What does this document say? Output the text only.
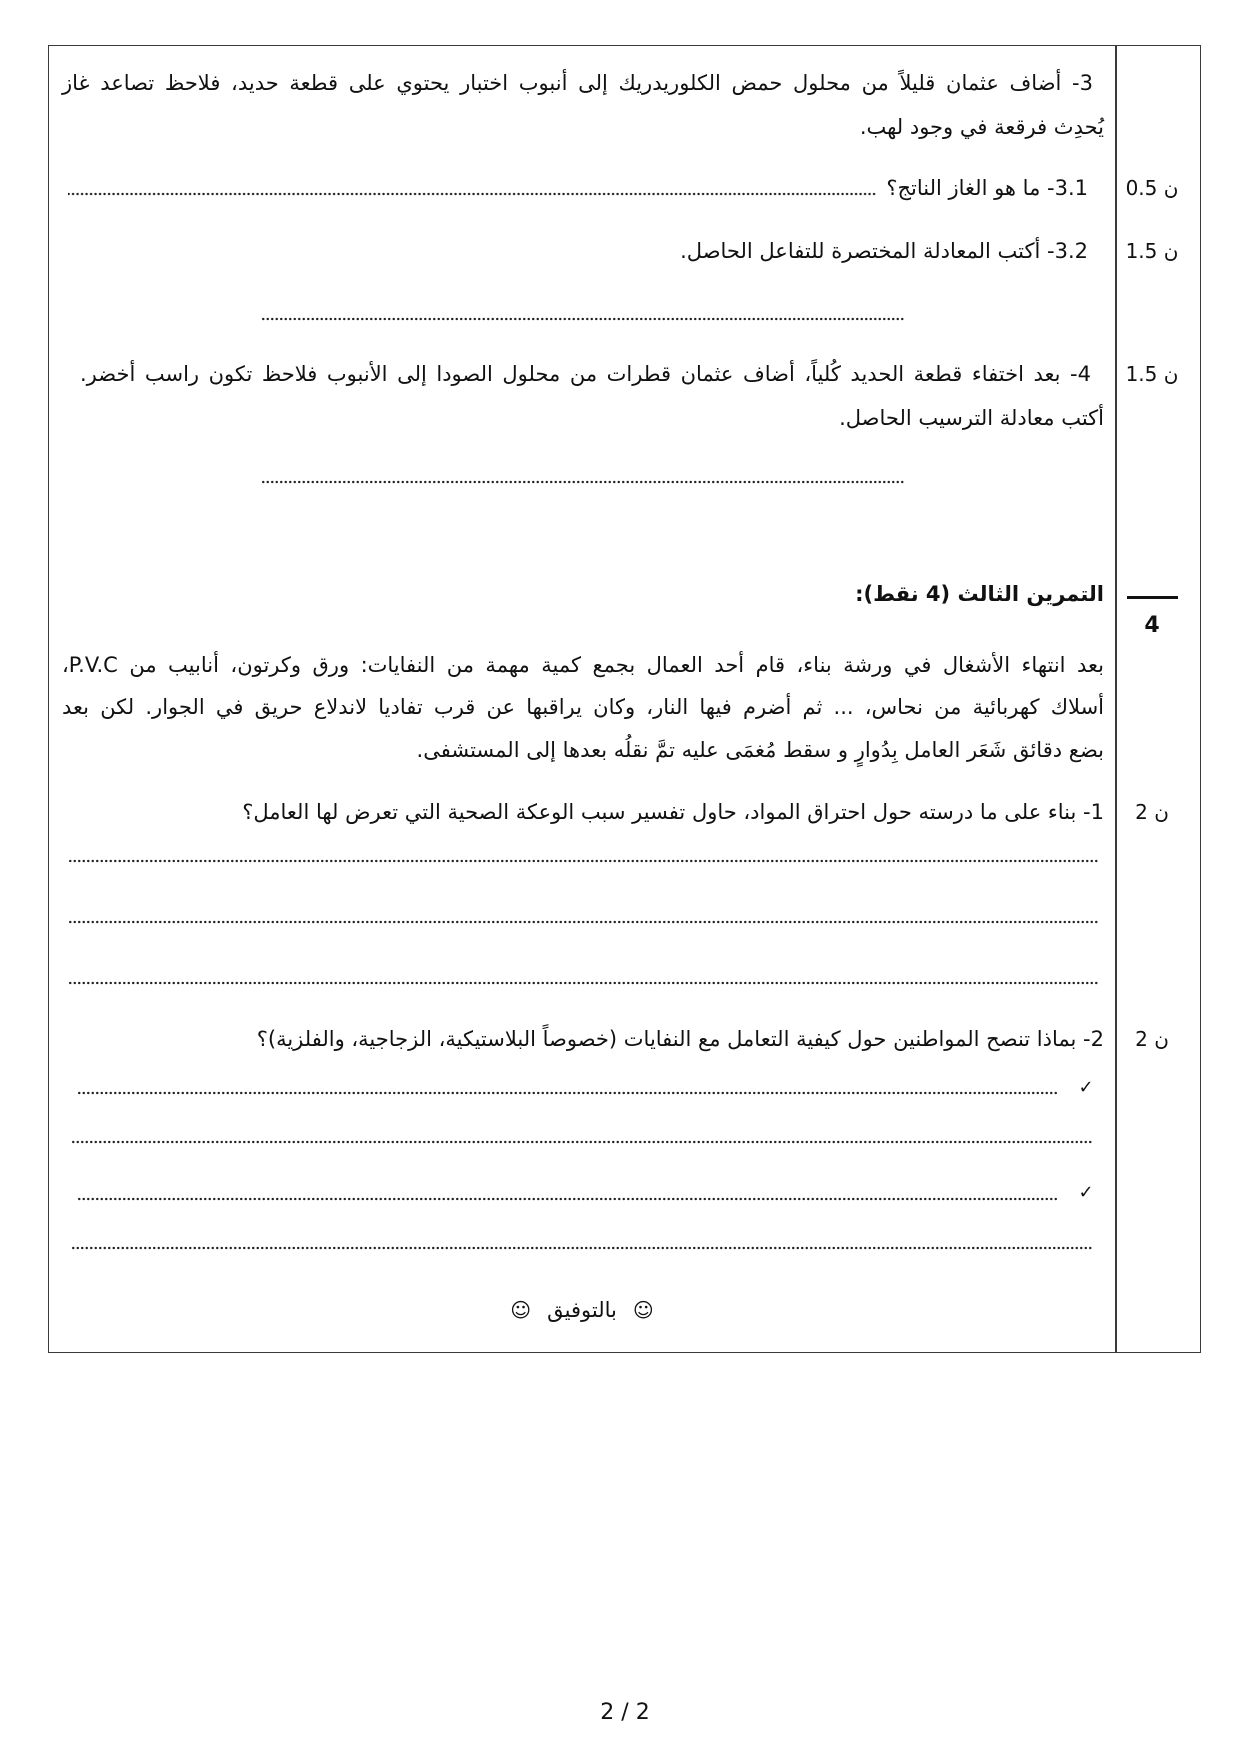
3- أضاف عثمان قليلاً من محلول حمض الكلوريدريك إلى أنبوب اختبار يحتوي على قطعة حديد، فلاحظ تصاعد غاز
يُحدِث فرقعة في وجود لهب.
3.1- ما هو الغاز الناتج؟	0.5 ن
3.2- أكتب المعادلة المختصرة للتفاعل الحاصل.	1.5 ن
4- بعد اختفاء قطعة الحديد كُلياً، أضاف عثمان قطرات من محلول الصودا إلى الأنبوب فلاحظ تكون راسب أخضر.	1.5 ن
أكتب معادلة الترسيب الحاصل.
التمرين الثالث (4 نقط):
4
بعد انتهاء الأشغال في ورشة بناء، قام أحد العمال بجمع كمية مهمة من النفايات: ورق وكرتون، أنابيب من P.V.C،
أسلاك كهربائية من نحاس، ... ثم أضرم فيها النار، وكان يراقبها عن قرب تفاديا لاندلاع حريق في الجوار. لكن بعد
بضع دقائق شَعَر العامل بِدُوارٍ و سقط مُغمَى عليه تمَّ نقلُه بعدها إلى المستشفى.
1- بناء على ما درسته حول احتراق المواد، حاول تفسير سبب الوعكة الصحية التي تعرض لها العامل؟	2 ن
2- بماذا تنصح المواطنين حول كيفية التعامل مع النفايات (خصوصاً البلاستيكية، الزجاجية، والفلزية)؟	2 ن
✓
✓
☺بالتوفيق☺
2 / 2
